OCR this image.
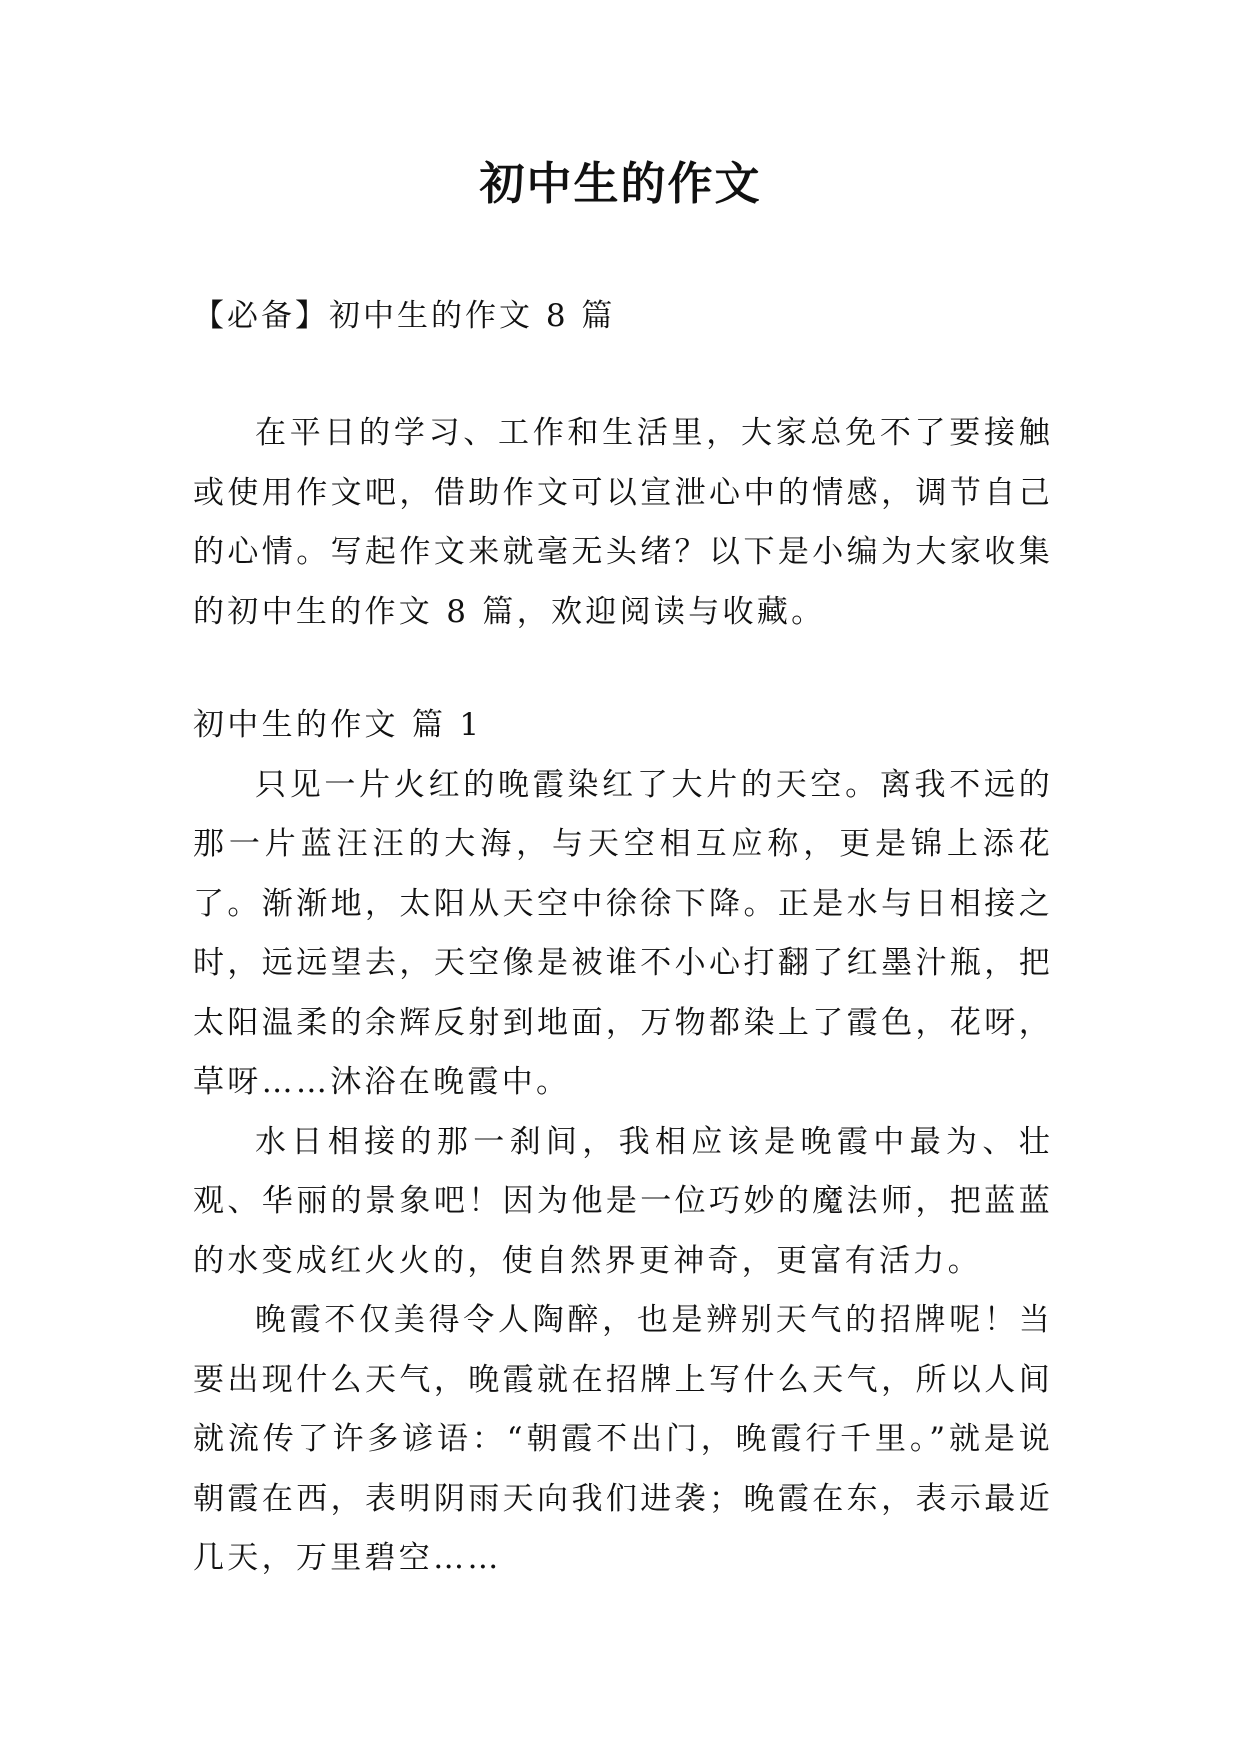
初中生的作文
【必备】初中生的作文 8 篇

在平日的学习、工作和生活里，大家总免不了要接触或使用作文吧，借助作文可以宣泄心中的情感，调节自己的心情。写起作文来就毫无头绪？以下是小编为大家收集的初中生的作文 8 篇，欢迎阅读与收藏。

初中生的作文 篇 1

只见一片火红的晚霞染红了大片的天空。离我不远的那一片蓝汪汪的大海，与天空相互应称，更是锦上添花了。渐渐地，太阳从天空中徐徐下降。正是水与日相接之时，远远望去，天空像是被谁不小心打翻了红墨汁瓶，把太阳温柔的余辉反射到地面，万物都染上了霞色，花呀，草呀……沐浴在晚霞中。

水日相接的那一刹间，我相应该是晚霞中最为、壮观、华丽的景象吧！因为他是一位巧妙的魔法师，把蓝蓝的水变成红火火的，使自然界更神奇，更富有活力。

晚霞不仅美得令人陶醉，也是辨别天气的招牌呢！当要出现什么天气，晚霞就在招牌上写什么天气，所以人间就流传了许多谚语：“朝霞不出门，晚霞行千里。”就是说朝霞在西，表明阴雨天向我们进袭；晚霞在东，表示最近几天，万里碧空……
